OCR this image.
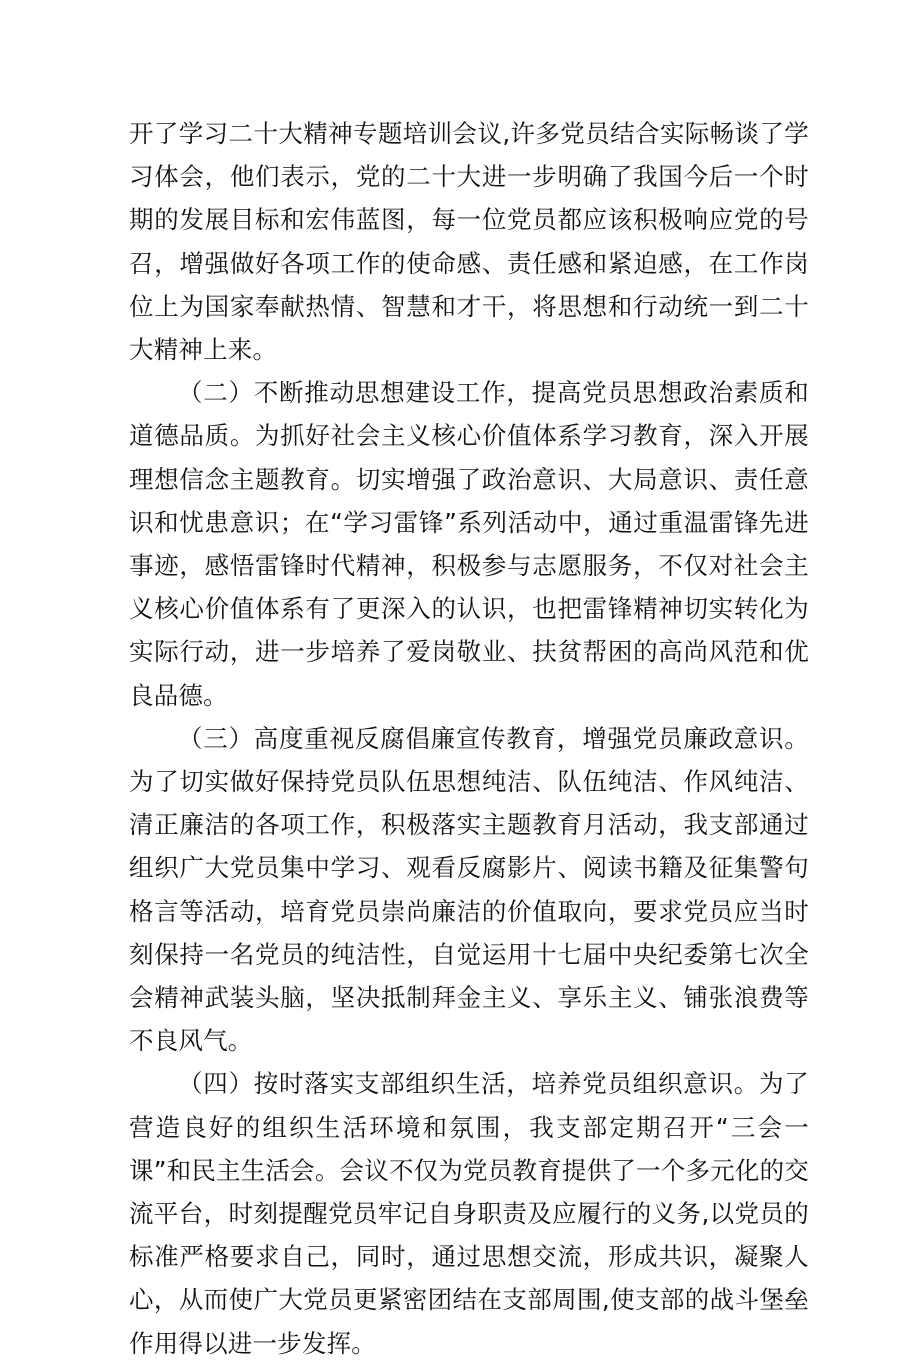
开了学习二十大精神专题培训会议,许多党员结合实际畅谈了学习体会，他们表示，党的二十大进一步明确了我国今后一个时期的发展目标和宏伟蓝图，每一位党员都应该积极响应党的号召，增强做好各项工作的使命感、责任感和紧迫感，在工作岗位上为国家奉献热情、智慧和才干，将思想和行动统一到二十大精神上来。

（二）不断推动思想建设工作，提高党员思想政治素质和道德品质。为抓好社会主义核心价值体系学习教育，深入开展理想信念主题教育。切实增强了政治意识、大局意识、责任意识和忧患意识；在“学习雷锋”系列活动中，通过重温雷锋先进事迹，感悟雷锋时代精神，积极参与志愿服务，不仅对社会主义核心价值体系有了更深入的认识，也把雷锋精神切实转化为实际行动，进一步培养了爱岗敬业、扶贫帮困的高尚风范和优良品德。

（三）高度重视反腐倡廉宣传教育，增强党员廉政意识。为了切实做好保持党员队伍思想纯洁、队伍纯洁、作风纯洁、清正廉洁的各项工作，积极落实主题教育月活动，我支部通过组织广大党员集中学习、观看反腐影片、阅读书籍及征集警句格言等活动，培育党员崇尚廉洁的价值取向，要求党员应当时刻保持一名党员的纯洁性，自觉运用十七届中央纪委第七次全会精神武装头脑，坚决抵制拜金主义、享乐主义、铺张浪费等不良风气。

（四）按时落实支部组织生活，培养党员组织意识。为了营造良好的组织生活环境和氛围，我支部定期召开“三会一课”和民主生活会。会议不仅为党员教育提供了一个多元化的交流平台，时刻提醒党员牢记自身职责及应履行的义务,以党员的标准严格要求自己，同时，通过思想交流，形成共识，凝聚人心，从而使广大党员更紧密团结在支部周围,使支部的战斗堡垒作用得以进一步发挥。
